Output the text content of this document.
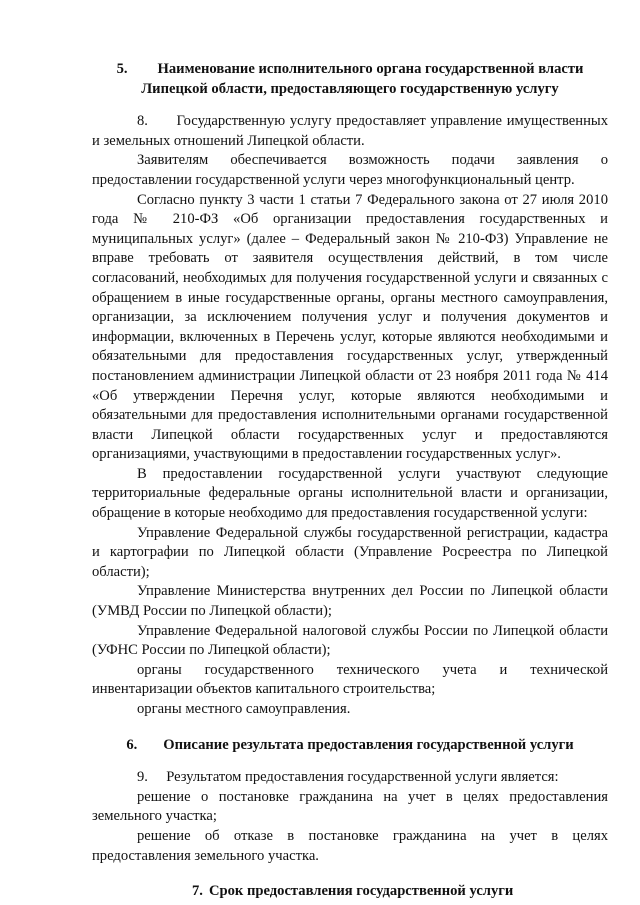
5. Наименование исполнительного органа государственной власти
Липецкой области, предоставляющего государственную услугу

8.      Государственную услугу предоставляет управление имущественных и земельных отношений Липецкой области.

Заявителям обеспечивается возможность подачи заявления о предоставлении государственной услуги через многофункциональный центр.

Согласно пункту 3 части 1 статьи 7 Федерального закона от 27 июля 2010 года № 210-ФЗ «Об организации предоставления государственных и муниципальных услуг» (далее – Федеральный закон № 210-ФЗ) Управление не вправе требовать от заявителя осуществления действий, в том числе согласований, необходимых для получения государственной услуги и связанных с обращением в иные государственные органы, органы местного самоуправления, организации, за исключением получения услуг и получения документов и информации, включенных в Перечень услуг, которые являются необходимыми и обязательными для предоставления государственных услуг, утвержденный постановлением администрации Липецкой области от 23 ноября 2011 года № 414 «Об утверждении Перечня услуг, которые являются необходимыми и обязательными для предоставления исполнительными органами государственной власти Липецкой области государственных услуг и предоставляются организациями, участвующими в предоставлении государственных услуг».

В предоставлении государственной услуги участвуют следующие территориальные федеральные органы исполнительной власти и организации, обращение в которые необходимо для предоставления государственной услуги:

Управление Федеральной службы государственной регистрации, кадастра и картографии по Липецкой области (Управление Росреестра по Липецкой области);

Управление Министерства внутренних дел России по Липецкой области (УМВД России по Липецкой области);

Управление Федеральной налоговой службы России по Липецкой области (УФНС России по Липецкой области);

органы государственного технического учета и технической инвентаризации объектов капитального строительства;

органы местного самоуправления.

6. Описание результата предоставления государственной услуги

9.     Результатом предоставления государственной услуги является:

решение о постановке гражданина на учет в целях предоставления земельного участка;

решение об отказе в постановке гражданина на учет в целях предоставления земельного участка.

7. Срок предоставления государственной услуги
